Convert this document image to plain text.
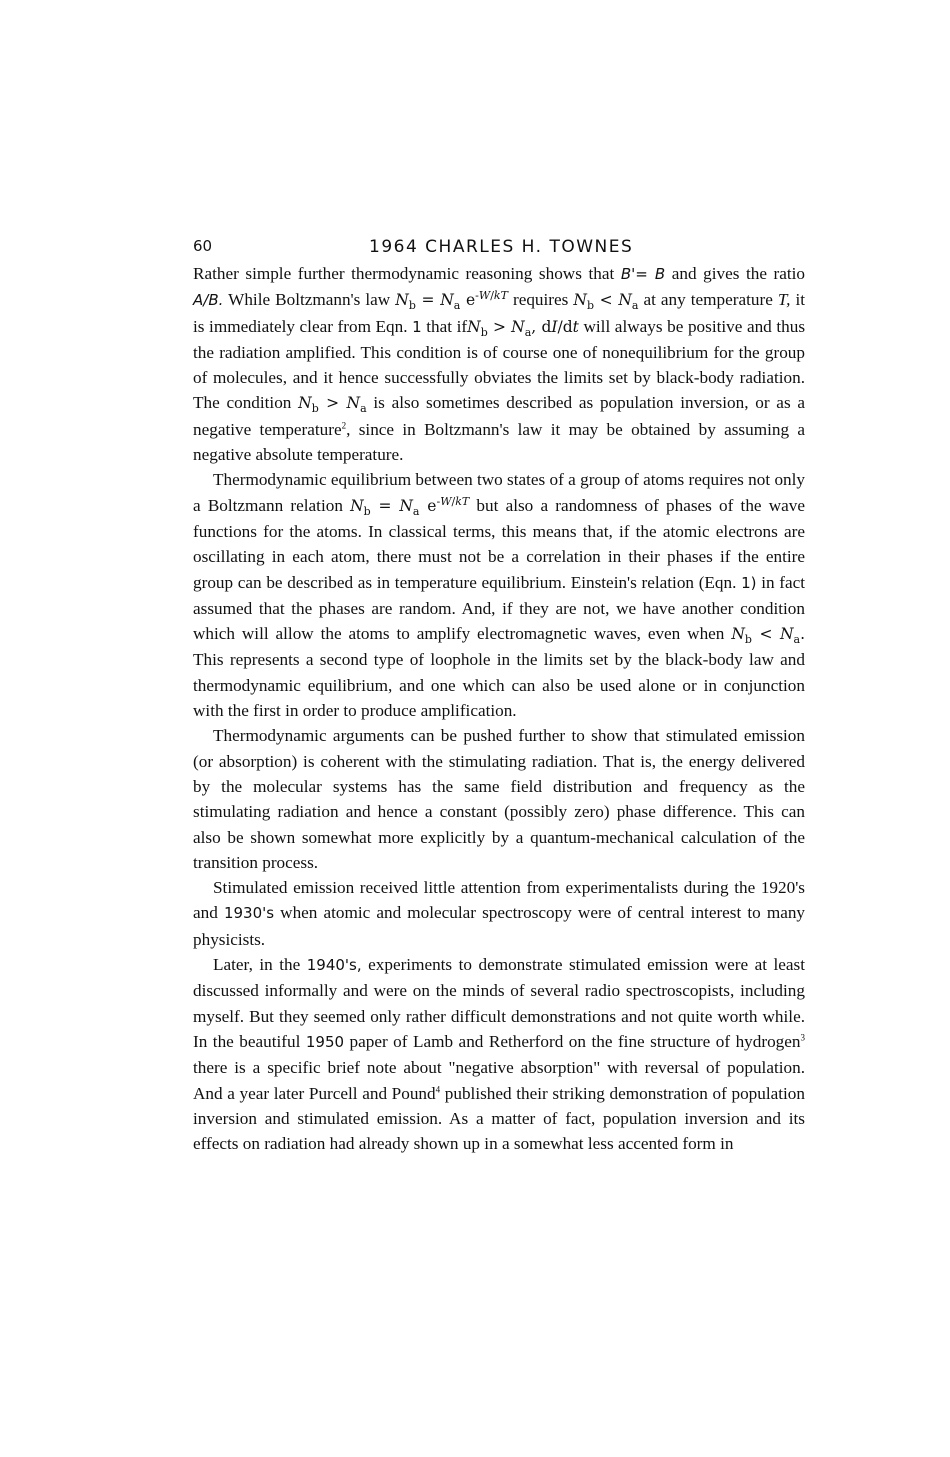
60	1964 CHARLES H. TOWNES

Rather simple further thermodynamic reasoning shows that B'= B and gives the ratio A/B. While Boltzmann's law $N_b = N_a$ $e^{-W/kT}$ requires $N_b < N_a$ at any temperature T, it is immediately clear from Eqn. 1 that $ifN_b > N_a$, dI/dt will always be positive and thus the radiation amplified. This condition is of course one of nonequilibrium for the group of molecules, and it hence successfully obviates the limits set by black-body radiation. The condition $N_b > N_a$ is also sometimes described as population inversion, or as a negative temperature$^2$, since in Boltzmann's law it may be obtained by assuming a negative absolute temperature.

Thermodynamic equilibrium between two states of a group of atoms requires not only a Boltzmann relation $N_b = N_a$ $e^{-W/kT}$ but also a randomness of phases of the wave functions for the atoms. In classical terms, this means that, if the atomic electrons are oscillating in each atom, there must not be a correlation in their phases if the entire group can be described as in temperature equilibrium. Einstein's relation (Eqn. 1) in fact assumed that the phases are random. And, if they are not, we have another condition which will allow the atoms to amplify electromagnetic waves, even when $N_b < N_a$. This represents a second type of loophole in the limits set by the black-body law and thermodynamic equilibrium, and one which can also be used alone or in conjunction with the first in order to produce amplification.

Thermodynamic arguments can be pushed further to show that stimulated emission (or absorption) is coherent with the stimulating radiation. That is, the energy delivered by the molecular systems has the same field distribution and frequency as the stimulating radiation and hence a constant (possibly zero) phase difference. This can also be shown somewhat more explicitly by a quantum-mechanical calculation of the transition process.

Stimulated emission received little attention from experimentalists during the 1920's and 1930's when atomic and molecular spectroscopy were of central interest to many physicists.

Later, in the 1940's, experiments to demonstrate stimulated emission were at least discussed informally and were on the minds of several radio spectroscopists, including myself. But they seemed only rather difficult demonstrations and not quite worth while. In the beautiful 1950 paper of Lamb and Retherford on the fine structure of hydrogen$^3$ there is a specific brief note about "negative absorption" with reversal of population. And a year later Purcell and Pound$^4$ published their striking demonstration of population inversion and stimulated emission. As a matter of fact, population inversion and its effects on radiation had already shown up in a somewhat less accented form in
